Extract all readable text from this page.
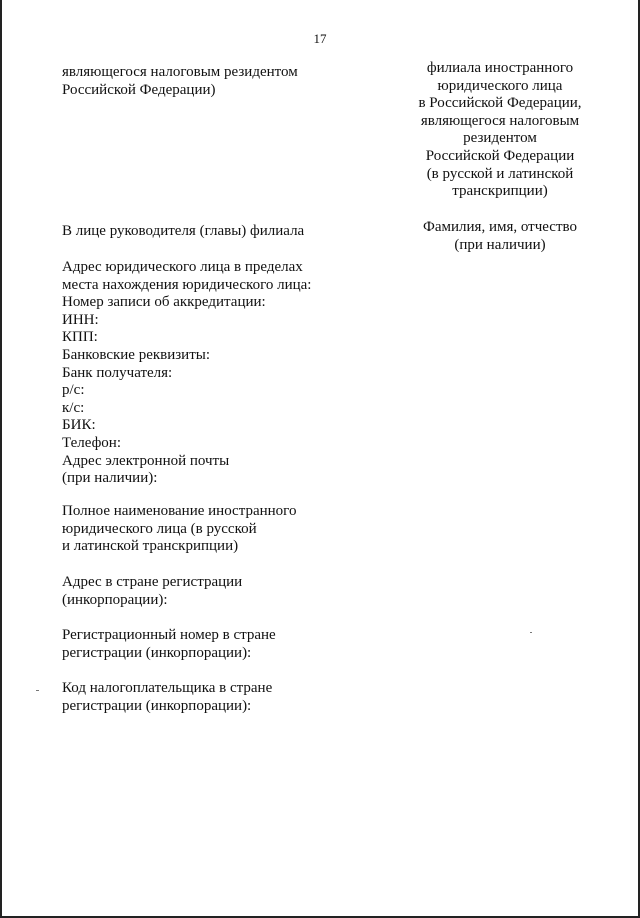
17
являющегося налоговым резидентом
Российской Федерации)
филиала иностранного
юридического лица
в Российской Федерации,
являющегося налоговым
резидентом
Российской Федерации
(в русской и латинской
транскрипции)
В лице руководителя (главы) филиала	Фамилия, имя, отчество
(при наличии)
Адрес юридического лица в пределах
места нахождения юридического лица:
Номер записи об аккредитации:
ИНН:
КПП:
Банковские реквизиты:
Банк получателя:
р/с:
к/с:
БИК:
Телефон:
Адрес электронной почты
(при наличии):
Полное наименование иностранного
юридического лица (в русской
и латинской транскрипции)
Адрес в стране регистрации
(инкорпорации):
Регистрационный номер в стране
регистрации (инкорпорации):
Код налогоплательщика в стране
регистрации (инкорпорации):
